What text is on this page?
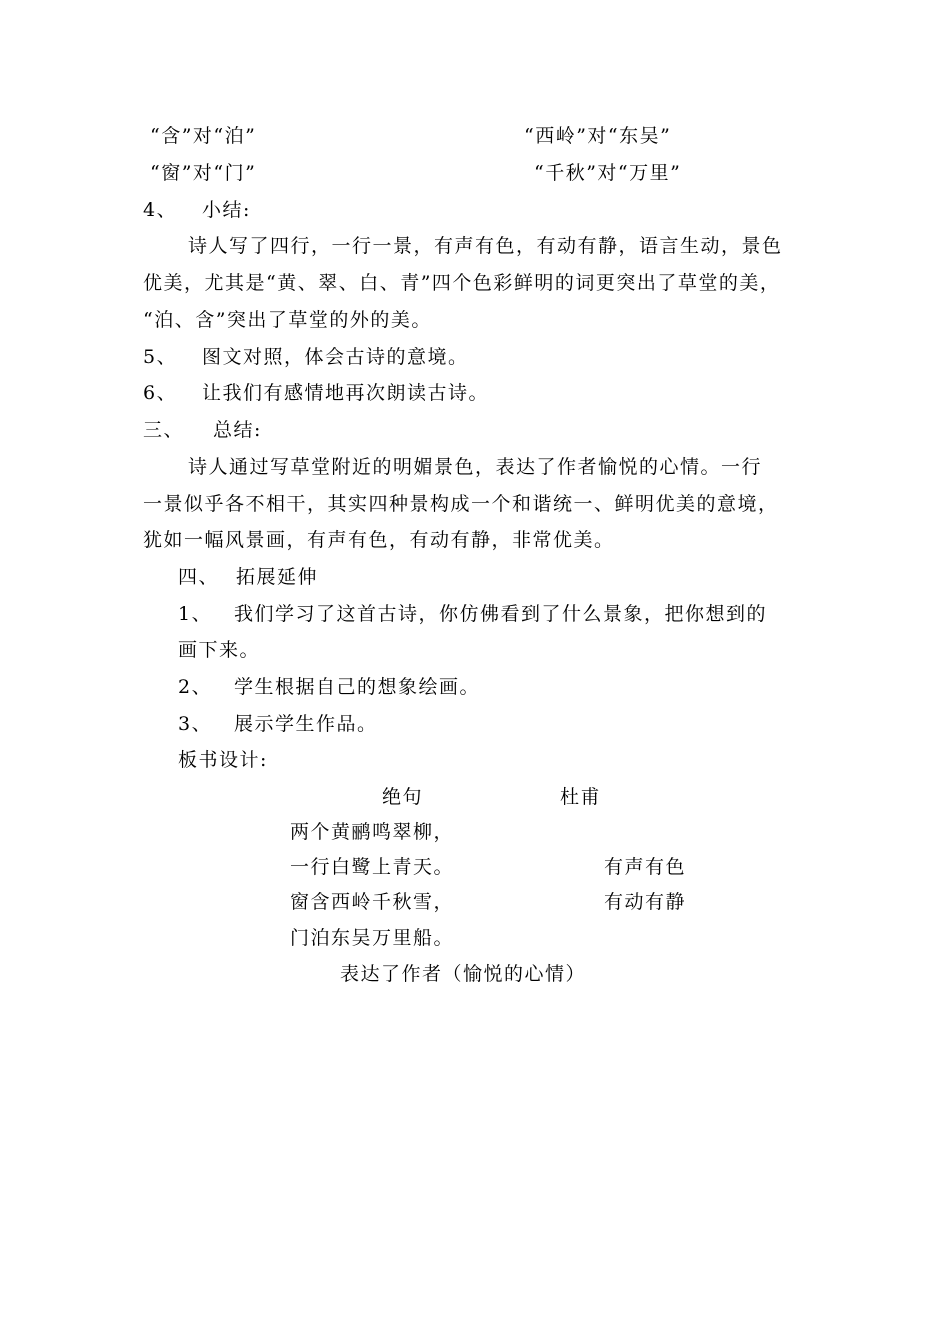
“含”对“泊”	“西岭”对“东吴”
“窗”对“门”	“千秋”对“万里”
4、 小结:
诗人写了四行，一行一景，有声有色，有动有静，语言生动，景色
优美，尤其是“黄、翠、白、青”四个色彩鲜明的词更突出了草堂的美，
“泊、含”突出了草堂的外的美。
5、 图文对照，体会古诗的意境。
6、 让我们有感情地再次朗读古诗。
三、 总结:
诗人通过写草堂附近的明媚景色，表达了作者愉悦的心情。一行
一景似乎各不相干，其实四种景构成一个和谐统一、鲜明优美的意境，
犹如一幅风景画，有声有色，有动有静，非常优美。
四、 拓展延伸
1、 我们学习了这首古诗，你仿佛看到了什么景象，把你想到的
画下来。
2、 学生根据自己的想象绘画。
3、 展示学生作品。
板书设计:
绝句	杜甫
两个黄鹂鸣翠柳，
一行白鹭上青天。	有声有色
窗含西岭千秋雪，	有动有静
门泊东吴万里船。
表达了作者（愉悦的心情）
